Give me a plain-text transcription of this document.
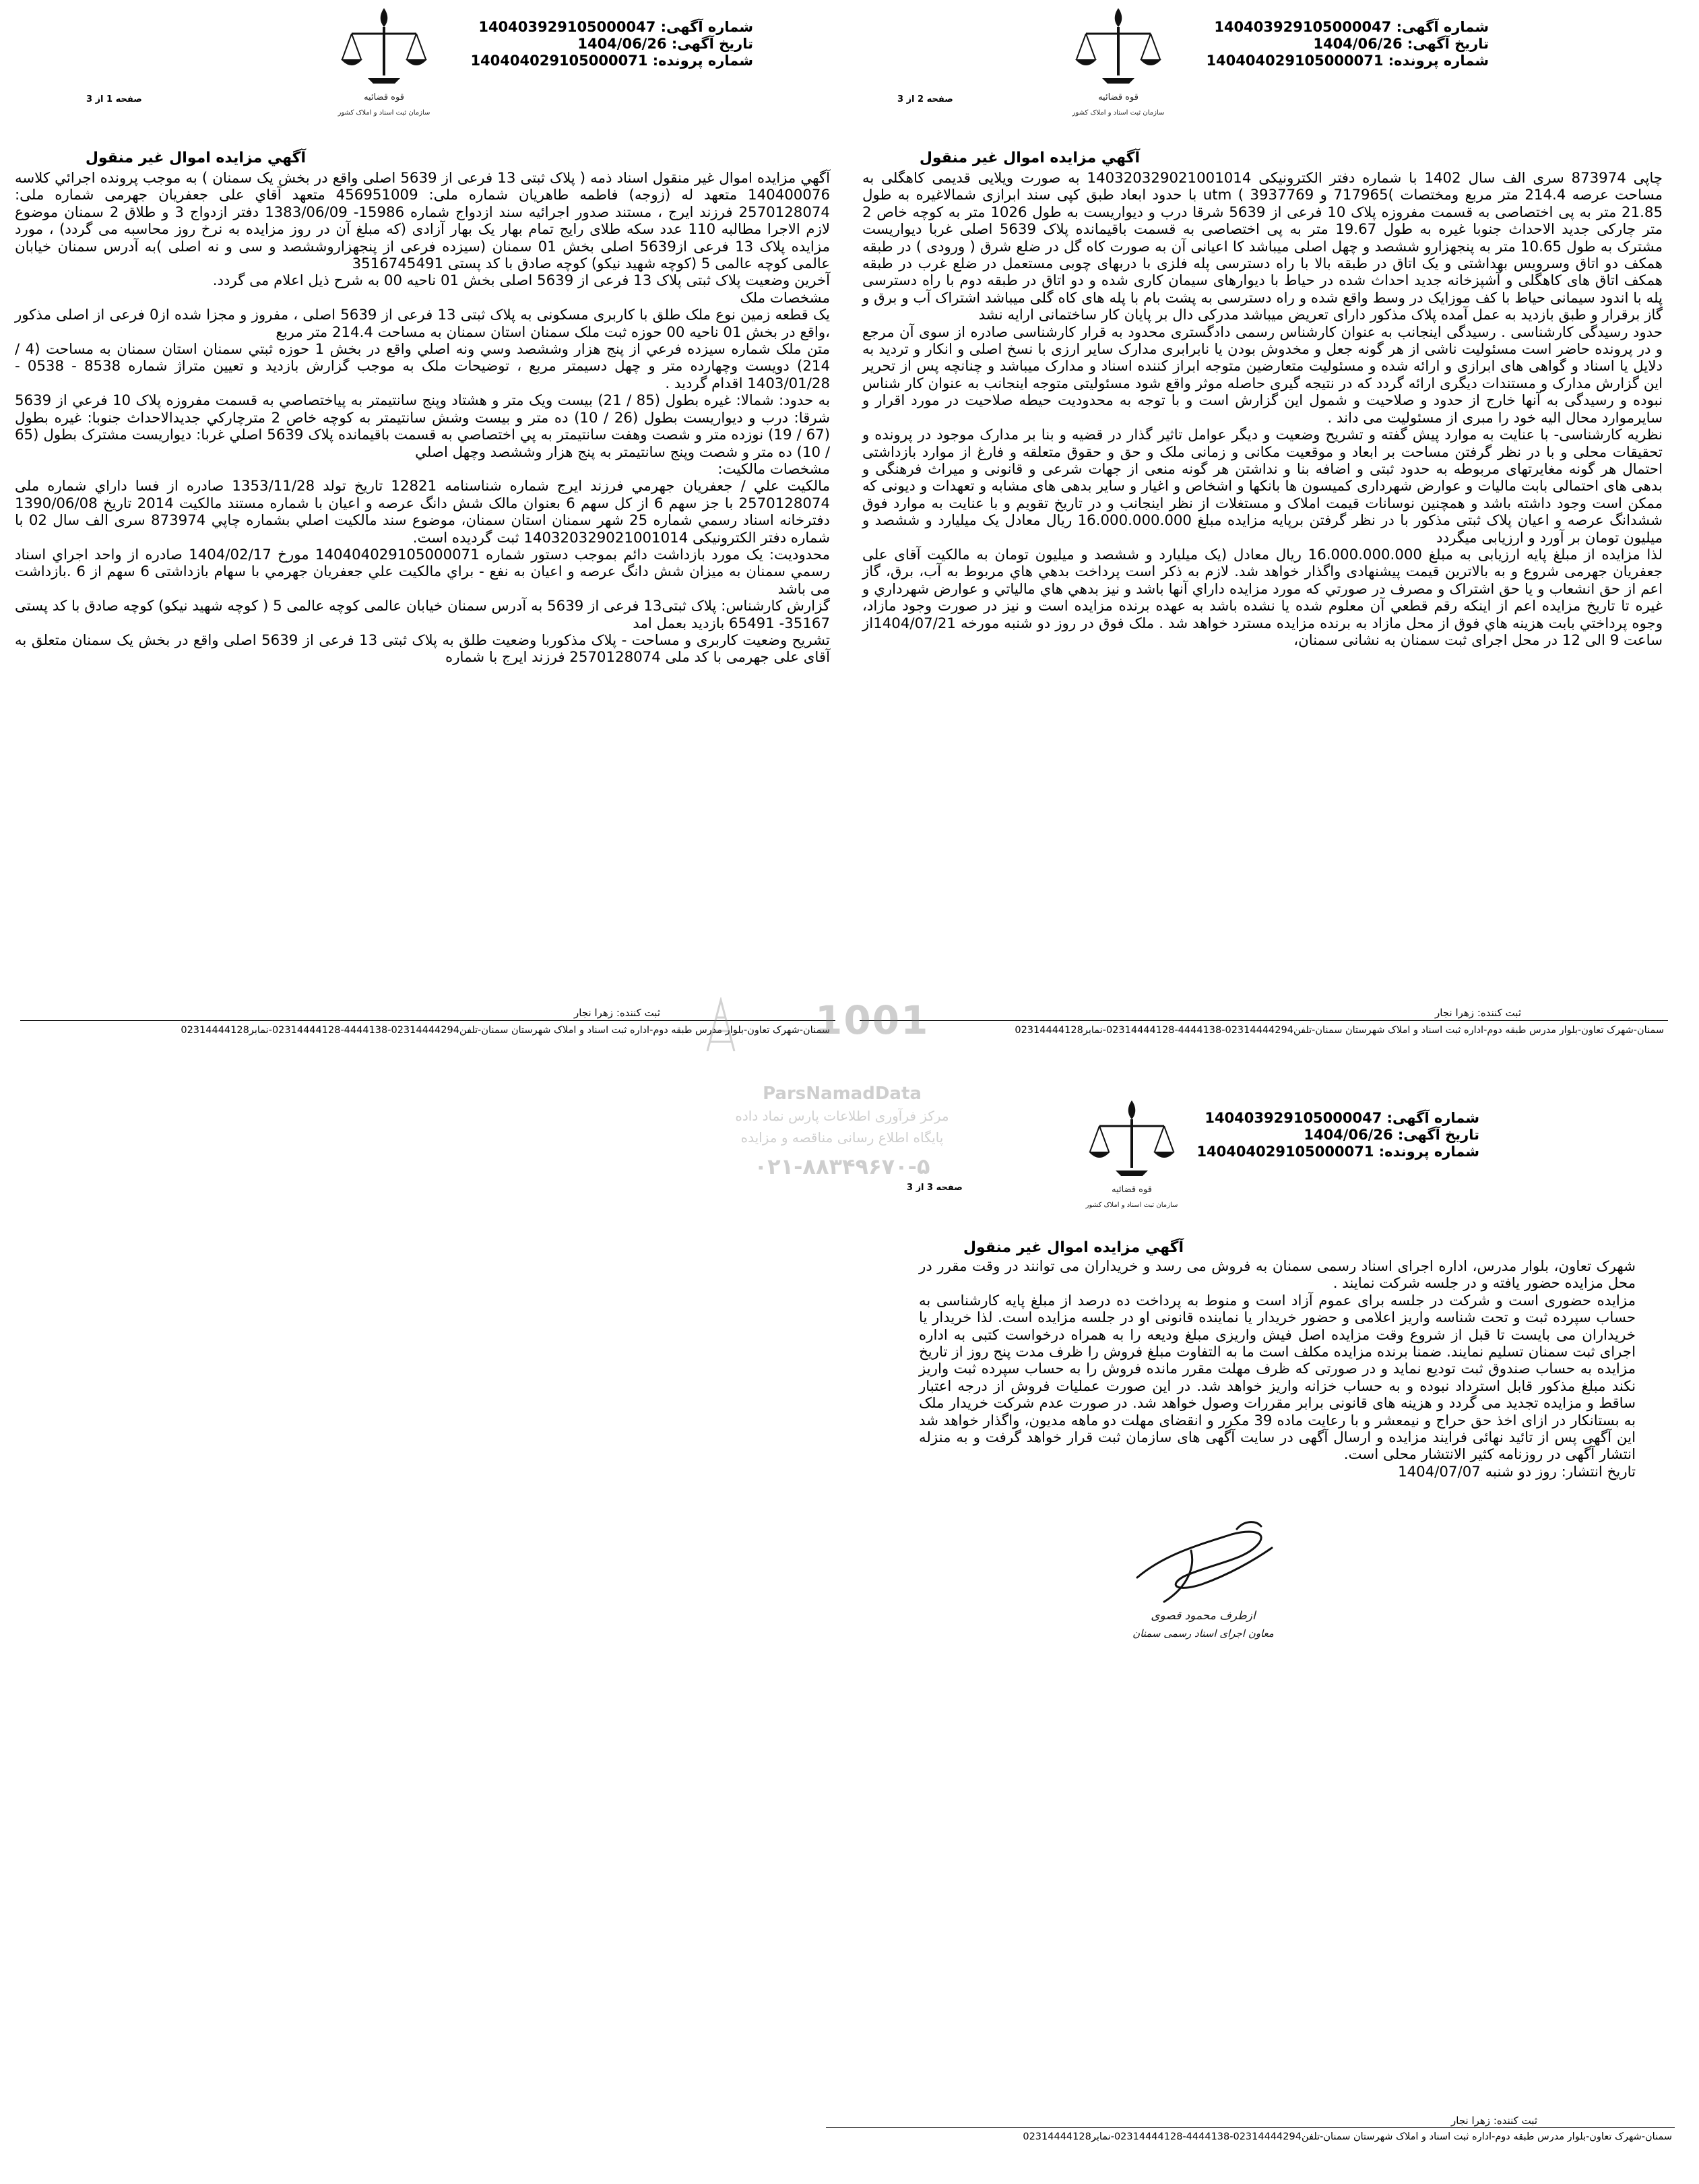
شماره آگهی: 140403929105000047
تاریخ آگهی: 1404/06/26
شماره پرونده: 140404029105000071
قوه قضائيه
سازمان ثبت اسناد و املاک كشور
صفحه 1 از 3
آگهي مزايده اموال غير منقول

آگهي مزايده اموال غير منقول اسناد ذمه ( پلاک ثبتی 13 فرعی از 5639 اصلی واقع در بخش یک سمنان ) به موجب پرونده اجرائي كلاسه 140400076 متعهد له (زوجه) فاطمه طاهريان شماره ملی: 456951009 متعهد آقاي علی جعفريان جهرمی شماره ملی: 2570128074 فرزند ايرج ، مستند صدور اجرائيه سند ازدواج شماره 15986- 1383/06/09 دفتر ازدواج 3 و طلاق 2 سمنان موضوع لازم الاجرا مطالبه 110 عدد سکه طلای رايج تمام بهار يک بهار آزادی (كه مبلغ آن در روز مزايده به نرخ روز محاسبه می گردد) ، مورد مزايده پلاک 13 فرعی از5639 اصلی بخش 01 سمنان (سيزده فرعی از پنجهزاروششصد و سی و نه اصلی )به آدرس سمنان خيابان عالمی كوچه عالمی 5 (كوچه شهيد نيكو) كوچه صادق با كد پستی 3516745491

آخرین وضعیت پلاک ثبتی پلاک 13 فرعی از 5639 اصلی بخش 01 ناحيه 00 به شرح ذيل اعلام می گردد.

مشخصات ملک

يک قطعه زمين نوع ملک طلق با كاربری مسكونی به پلاک ثبتی 13 فرعی از 5639 اصلی ، مفروز و مجزا شده از0 فرعی از اصلی مذكور ،واقع در بخش 01 ناحيه 00 حوزه ثبت ملک سمنان استان سمنان به مساحت 214.4 متر مربع

متن ملک شماره سيزده فرعي از پنج هزار وششصد وسي ونه اصلي واقع در بخش 1 حوزه ثبتي سمنان استان سمنان به مساحت (4 / 214) دويست وچهارده متر و چهل دسيمتر مربع ، توضيحات ملک به موجب گزارش بازديد و تعيين متراژ شماره 8538 - 0538 - 1403/01/28 اقدام گرديد .

به حدود: شمالا: غيره بطول (85 / 21) بيست ويک متر و هشتاد وپنج سانتيمتر به پياختصاصي به قسمت مفروزه پلاک 10 فرعي از 5639 شرقا: درب و ديواريست بطول (26 / 10) ده متر و بيست وشش سانتيمتر به کوچه خاص 2 مترچارکي جديدالاحداث جنوبا: غيره بطول (67 / 19) نوزده متر و شصت وهفت سانتيمتر به پي اختصاصي به قسمت باقيمانده پلاک 5639 اصلي غربا: ديواريست مشترک بطول (65 / 10) ده متر و شصت وپنج سانتيمتر به پنج هزار وششصد وچهل اصلي

مشخصات مالكيت:

مالكيت علي / جعفريان جهرمي فرزند ايرج شماره شناسنامه 12821 تاريخ تولد 1353/11/28 صادره از فسا داراي شماره ملی 2570128074 با جز سهم 6 از کل سهم 6 بعنوان مالک شش دانگ عرصه و اعيان با شماره مستند مالكيت 2014 تاريخ 1390/06/08 دفترخانه اسناد رسمي شماره 25 شهر سمنان استان سمنان، موضوع سند مالكيت اصلي بشماره چاپي 873974 سری الف سال 02 با شماره دفتر الكترونيكی 140320329021001014 ثبت گرديده است.

محدوديت: يک مورد بازداشت دائم بموجب دستور شماره 140404029105000071 مورخ 1404/02/17 صادره از واحد اجراي اسناد رسمي سمنان به ميزان شش دانگ عرصه و اعيان به نفع - براي مالكيت علي جعفريان جهرمي با سهام بازداشتی 6 سهم از 6 .بازداشت می باشد

گزارش كارشناس: پلاک ثبتی13 فرعی از 5639 به آدرس سمنان خيابان عالمی كوچه عالمی 5 ( كوچه شهيد نيكو) كوچه صادق با كد پستی 35167- 65491 بازديد بعمل امد

تشريح وضعيت كاربری و مساحت - پلاک مذكوربا وضعيت طلق به پلاک ثبتی 13 فرعی از 5639 اصلی واقع در بخش يک سمنان متعلق به آقای علی جهرمی با كد ملی 2570128074 فرزند ايرج با شماره

ثبت كننده: زهرا نجار
سمنان-شهرک تعاون-بلوار مدرس طبقه دوم-اداره ثبت اسناد و املاک شهرستان سمنان-تلفن02314444294-4444138-02314444128-نمابر02314444128
شماره آگهی: 140403929105000047
تاریخ آگهی: 1404/06/26
شماره پرونده: 140404029105000071
قوه قضائيه
سازمان ثبت اسناد و املاک كشور
صفحه 2 از 3
آگهي مزايده اموال غير منقول

چاپی 873974 سری الف سال 1402 با شماره دفتر الكترونيكی 140320329021001014 به صورت ويلايی قديمی كاهگلی به مساحت عرصه 214.4 متر مربع ومختصات )717965 و 3937769 ) utm با حدود ابعاد طبق كپی سند ابرازی شمالاغيره به طول 21.85 متر به پی اختصاصی به قسمت مفروزه پلاک 10 فرعی از 5639 شرقا درب و ديواريست به طول 1026 متر به كوچه خاص 2 متر چاركی جديد الاحداث جنوبا غيره به طول 19.67 متر به پی اختصاصی به قسمت باقيمانده پلاک 5639 اصلی غربا ديواريست مشترک به طول 10.65 متر به پنجهزارو ششصد و چهل اصلی ميباشد كا اعيانی آن به صورت كاه گل در ضلع شرق ( ورودی ) در طبقه همكف دو اتاق وسرويس بهداشتی و يک اتاق در طبقه بالا با راه دسترسی پله فلزی با دربهای چوبی مستعمل در ضلع غرب در طبقه همكف اتاق های كاهگلی و آشپزخانه جديد احداث شده در حياط با ديوارهای سيمان كاری شده و دو اتاق در طبقه دوم با راه دسترسی پله با اندود سيمانی حياط با كف موزايک در وسط واقع شده و راه دسترسی به پشت بام با پله های كاه گلی ميباشد اشتراک آب و برق و گاز برقرار و طبق بازديد به عمل آمده پلاک مذكور دارای تعريض ميباشد مدركی دال بر پايان كار ساختمانی ارايه نشد

حدود رسيدگی كارشناسی . رسيدگی اينجانب به عنوان كارشناس رسمی دادگستری محدود به قرار كارشناسی صادره از سوی آن مرجع و در پرونده حاضر است مسئوليت ناشی از هر گونه جعل و مخدوش بودن يا نابرابری مدارک ساير ارزی با نسخ اصلی و انكار و ترديد به دلايل يا اسناد و گواهی های ابرازی و ارائه شده و مسئوليت متعارضين متوجه ابراز كننده اسناد و مدارک ميباشد و چنانچه پس از تحرير اين گزارش مدارک و مستندات ديگری ارائه گردد كه در نتيجه گيری حاصله موثر واقع شود مسئوليتی متوجه اينجانب به عنوان كار شناس نبوده و رسيدگی به آنها خارج از حدود و صلاحيت و شمول اين گزارش است و با توجه به محدوديت حيطه صلاحيت در مورد اقرار و سايرموارد محال اليه خود را مبری از مسئوليت می داند .

نظريه كارشناسی- با عنايت به موارد پيش گفته و تشريح وضعيت و ديگر عوامل تاثير گذار در قضيه و بنا بر مدارک موجود در پرونده و تحقيقات محلی و با در نظر گرفتن مساحت بر ابعاد و موقعيت مكانی و زمانی ملک و حق و حقوق متعلقه و فارغ از موارد بازداشتی احتمال هر گونه مغايرتهای مربوطه به حدود ثبتی و اضافه بنا و نداشتن هر گونه منعی از جهات شرعی و قانونی و ميراث فرهنگی و بدهی های احتمالی بابت ماليات و عوارض شهرداری كميسون ها بانكها و اشخاص و اغيار و ساير بدهی های مشابه و تعهدات و ديونی كه ممكن است وجود داشته باشد و همچنين نوسانات قيمت املاک و مستغلات از نظر اينجانب و در تاريخ تقويم و با عنايت به موارد فوق ششدانگ عرصه و اعيان پلاک ثبتی مذكور با در نظر گرفتن برپايه مزايده مبلغ 16.000.000.000 ريال معادل يک ميليارد و ششصد و ميليون تومان بر آورد و ارزيابی ميگردد

لذا مزايده از مبلغ پايه ارزيابی به مبلغ 16.000.000.000 ريال معادل (يک ميليارد و ششصد و ميليون تومان به مالكيت آقای علی جعفريان جهرمی شروع و به بالاترين قيمت پيشنهادی واگذار خواهد شد. لازم به ذكر است پرداخت بدهي هاي مربوط به آب، برق، گاز اعم از حق انشعاب و يا حق اشتراک و مصرف در صورتي كه مورد مزايده داراي آنها باشد و نيز بدهي هاي مالياتي و عوارض شهرداري و غيره تا تاريخ مزايده اعم از اينكه رقم قطعي آن معلوم شده يا نشده باشد به عهده برنده مزايده است و نيز در صورت وجود مازاد، وجوه پرداختي بابت هزينه هاي فوق از محل مازاد به برنده مزايده مسترد خواهد شد . ملک فوق در روز دو شنبه مورخه 1404/07/21از ساعت 9 الی 12 در محل اجرای ثبت سمنان به نشانی سمنان،

ثبت كننده: زهرا نجار
سمنان-شهرک تعاون-بلوار مدرس طبقه دوم-اداره ثبت اسناد و املاک شهرستان سمنان-تلفن02314444294-4444138-02314444128-نمابر02314444128
شماره آگهی: 140403929105000047
تاریخ آگهی: 1404/06/26
شماره پرونده: 140404029105000071
قوه قضائيه
سازمان ثبت اسناد و املاک كشور
صفحه 3 از 3
آگهي مزايده اموال غير منقول

شهرک تعاون، بلوار مدرس، اداره اجرای اسناد رسمی سمنان به فروش می رسد و خريداران می توانند در وقت مقرر در محل مزايده حضور يافته و در جلسه شركت نمايند .

مزايده حضوری است و شركت در جلسه برای عموم آزاد است و منوط به پرداخت ده درصد از مبلغ پايه كارشناسی به حساب سپرده ثبت و تحت شناسه واريز اعلامی و حضور خريدار يا نماينده قانونی او در جلسه مزايده است. لذا خريدار يا خريداران می بايست تا قبل از شروع وقت مزايده اصل فيش واريزی مبلغ وديعه را به همراه درخواست كتبی به اداره اجرای ثبت سمنان تسليم نمايند. ضمنا برنده مزايده مكلف است ما به التفاوت مبلغ فروش را ظرف مدت پنج روز از تاريخ مزايده به حساب صندوق ثبت توديع نمايد و در صورتی كه ظرف مهلت مقرر مانده فروش را به حساب سپرده ثبت واريز نكند مبلغ مذكور قابل استرداد نبوده و به حساب خزانه واريز خواهد شد. در اين صورت عمليات فروش از درجه اعتبار ساقط و مزايده تجديد می گردد و هزينه های قانونی برابر مقررات وصول خواهد شد. در صورت عدم شركت خريدار ملک به بستانكار در ازای اخذ حق حراج و نيمعشر و با رعايت ماده 39 مكرر و انقضای مهلت دو ماهه مديون، واگذار خواهد شد اين آگهی پس از تائيد نهائی فرايند مزايده و ارسال آگهی در سايت آگهی های سازمان ثبت قرار خواهد گرفت و به منزله انتشار آگهی در روزنامه كثير الانتشار محلی است.

تاريخ انتشار: روز دو شنبه 1404/07/07

ازطرف محمود قصوی
معاون اجرای اسناد رسمی سمنان
ثبت كننده: زهرا نجار
سمنان-شهرک تعاون-بلوار مدرس طبقه دوم-اداره ثبت اسناد و املاک شهرستان سمنان-تلفن02314444294-4444138-02314444128-نمابر02314444128
1001
ParsNamadData
مرکز فرآوری اطلاعات پارس نماد داده
پایگاه اطلاع رسانی مناقصه و مزایده
۰۲۱-۸۸۳۴۹۶۷۰-۵
